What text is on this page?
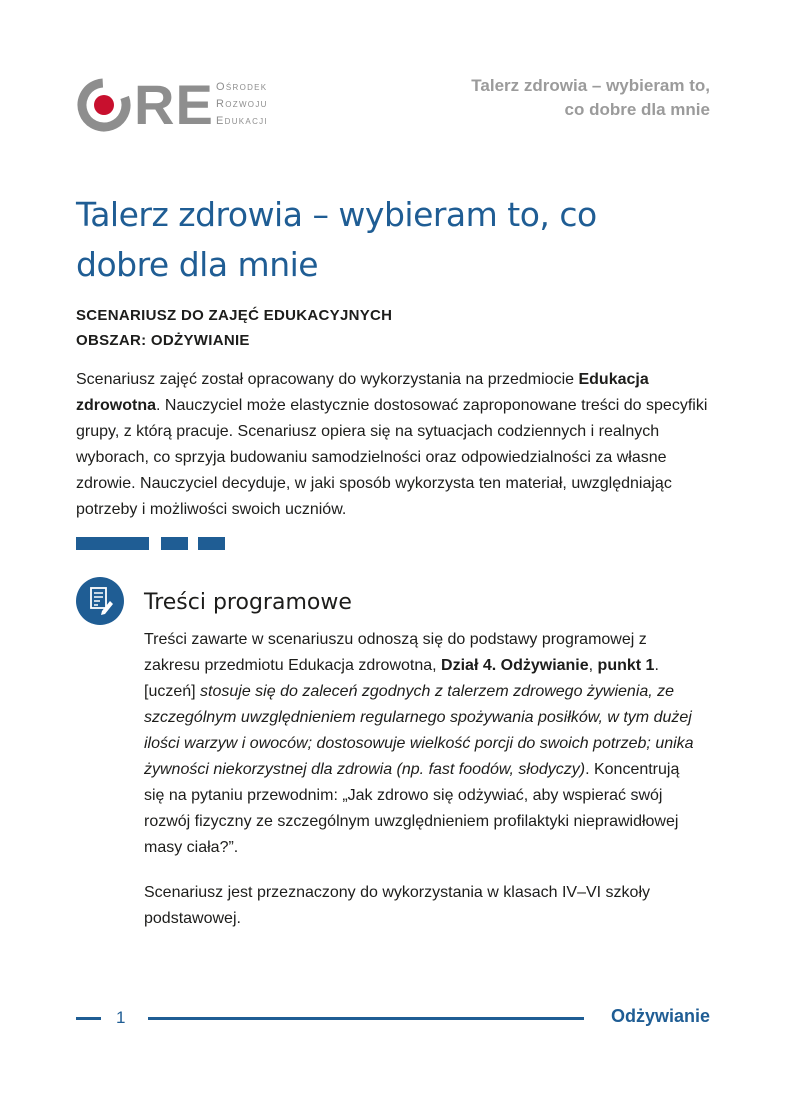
RE Ośrodek
Rozwoju
Edukacji
Talerz zdrowia – wybieram to,
co dobre dla mnie
Talerz zdrowia – wybieram to, co
dobre dla mnie
SCENARIUSZ DO ZAJĘĆ EDUKACYJNYCH
OBSZAR: ODŻYWIANIE
Scenariusz zajęć został opracowany do wykorzystania na przedmiocie Edukacja zdrowotna. Nauczyciel może elastycznie dostosować zaproponowane treści do specyfiki grupy, z którą pracuje. Scenariusz opiera się na sytuacjach codziennych i realnych wyborach, co sprzyja budowaniu samodzielności oraz odpowiedzialności za własne zdrowie. Nauczyciel decyduje, w jaki sposób wykorzysta ten materiał, uwzględniając potrzeby i możliwości swoich uczniów.
Treści programowe
Treści zawarte w scenariuszu odnoszą się do podstawy programowej z zakresu przedmiotu Edukacja zdrowotna, Dział 4. Odżywianie, punkt 1. [uczeń] stosuje się do zaleceń zgodnych z talerzem zdrowego żywienia, ze szczególnym uwzględnieniem regularnego spożywania posiłków, w tym dużej ilości warzyw i owoców; dostosowuje wielkość porcji do swoich potrzeb; unika żywności niekorzystnej dla zdrowia (np. fast foodów, słodyczy). Koncentrują się na pytaniu przewodnim: „Jak zdrowo się odżywiać, aby wspierać swój rozwój fizyczny ze szczególnym uwzględnieniem profilaktyki nieprawidłowej masy ciała?”.
Scenariusz jest przeznaczony do wykorzystania w klasach IV–VI szkoły podstawowej.
1	Odżywianie
